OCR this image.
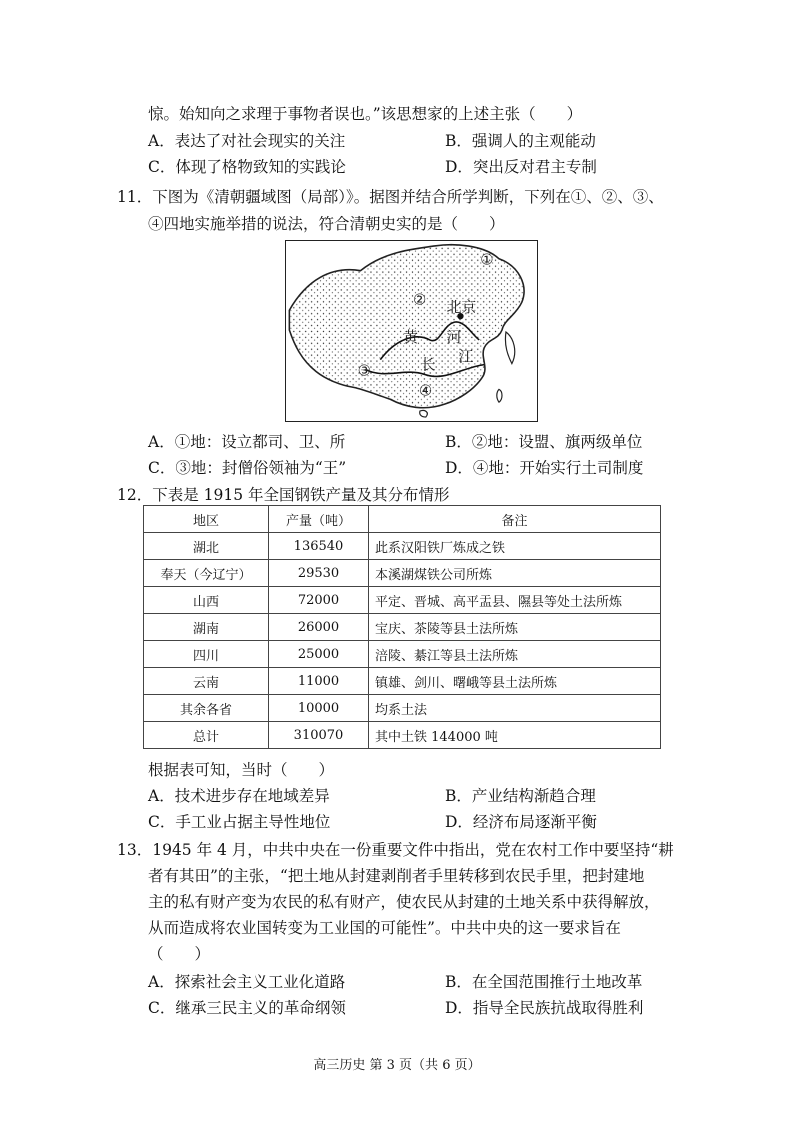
惊。始知向之求理于事物者误也。”该思想家的上述主张（　　）
A．表达了对社会现实的关注	B．强调人的主观能动
C．体现了格物致知的实践论	D．突出反对君主专制
11．下图为《清朝疆域图（局部）》。据图并结合所学判断，下列在①、②、③、
④四地实施举措的说法，符合清朝史实的是（　　）
①
② 北京
黄 河
江
长
③
④
A．①地：设立都司、卫、所	B．②地：设盟、旗两级单位
C．③地：封僧俗领袖为“王”	D．④地：开始实行土司制度
12．下表是 1915 年全国钢铁产量及其分布情形
地区	产量（吨）	备注
湖北	136540	此系汉阳铁厂炼成之铁
奉天（今辽宁）	29530	本溪湖煤铁公司所炼
山西	72000	平定、晋城、高平盂县、隰县等处土法所炼
湖南	26000	宝庆、茶陵等县土法所炼
四川	25000	涪陵、綦江等县土法所炼
云南	11000	镇雄、剑川、曙峨等县土法所炼
其余各省	10000	均系土法
总计	310070	其中土铁 144000 吨
根据表可知，当时（　　）
A．技术进步存在地域差异	B．产业结构渐趋合理
C．手工业占据主导性地位	D．经济布局逐渐平衡
13．1945 年 4 月，中共中央在一份重要文件中指出，党在农村工作中要坚持“耕
者有其田”的主张，“把土地从封建剥削者手里转移到农民手里，把封建地
主的私有财产变为农民的私有财产，使农民从封建的土地关系中获得解放，
从而造成将农业国转变为工业国的可能性”。中共中央的这一要求旨在
（　　）
A．探索社会主义工业化道路	B．在全国范围推行土地改革
C．继承三民主义的革命纲领	D．指导全民族抗战取得胜利
高三历史 第 3 页（共 6 页）
